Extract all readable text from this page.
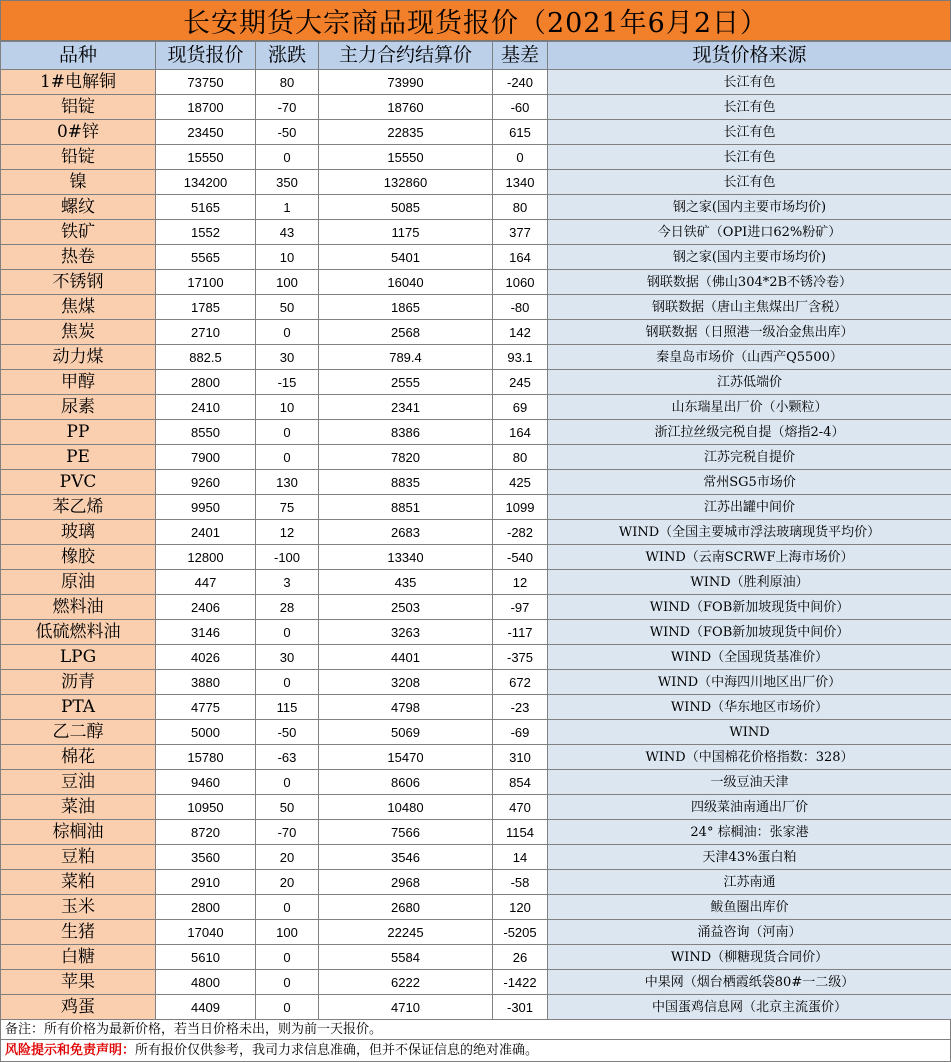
长安期货大宗商品现货报价（2021年6月2日）
品种	现货报价	涨跌	主力合约结算价	基差	现货价格来源
1#电解铜	73750	80	73990	-240	长江有色
铝锭	18700	-70	18760	-60	长江有色
0#锌	23450	-50	22835	615	长江有色
铅锭	15550	0	15550	0	长江有色
镍	134200	350	132860	1340	长江有色
螺纹	5165	1	5085	80	钢之家(国内主要市场均价)
铁矿	1552	43	1175	377	今日铁矿（OPI进口62%粉矿）
热卷	5565	10	5401	164	钢之家(国内主要市场均价)
不锈钢	17100	100	16040	1060	钢联数据（佛山304*2B不锈冷卷）
焦煤	1785	50	1865	-80	钢联数据（唐山主焦煤出厂含税）
焦炭	2710	0	2568	142	钢联数据（日照港一级冶金焦出库）
动力煤	882.5	30	789.4	93.1	秦皇岛市场价（山西产Q5500）
甲醇	2800	-15	2555	245	江苏低端价
尿素	2410	10	2341	69	山东瑞星出厂价（小颗粒）
PP	8550	0	8386	164	浙江拉丝级完税自提（熔指2-4）
PE	7900	0	7820	80	江苏完税自提价
PVC	9260	130	8835	425	常州SG5市场价
苯乙烯	9950	75	8851	1099	江苏出罐中间价
玻璃	2401	12	2683	-282	WIND（全国主要城市浮法玻璃现货平均价）
橡胶	12800	-100	13340	-540	WIND（云南SCRWF上海市场价）
原油	447	3	435	12	WIND（胜利原油）
燃料油	2406	28	2503	-97	WIND（FOB新加坡现货中间价）
低硫燃料油	3146	0	3263	-117	WIND（FOB新加坡现货中间价）
LPG	4026	30	4401	-375	WIND（全国现货基准价）
沥青	3880	0	3208	672	WIND（中海四川地区出厂价）
PTA	4775	115	4798	-23	WIND（华东地区市场价）
乙二醇	5000	-50	5069	-69	WIND
棉花	15780	-63	15470	310	WIND（中国棉花价格指数：328）
豆油	9460	0	8606	854	一级豆油天津
菜油	10950	50	10480	470	四级菜油南通出厂价
棕榈油	8720	-70	7566	1154	24° 棕榈油：张家港
豆粕	3560	20	3546	14	天津43%蛋白粕
菜粕	2910	20	2968	-58	江苏南通
玉米	2800	0	2680	120	鲅鱼圈出库价
生猪	17040	100	22245	-5205	涌益咨询（河南）
白糖	5610	0	5584	26	WIND（柳糖现货合同价）
苹果	4800	0	6222	-1422	中果网（烟台栖霞纸袋80#一二级）
鸡蛋	4409	0	4710	-301	中国蛋鸡信息网（北京主流蛋价）
备注：所有价格为最新价格，若当日价格未出，则为前一天报价。
风险提示和免责声明：所有报价仅供参考，我司力求信息准确，但并不保证信息的绝对准确。
